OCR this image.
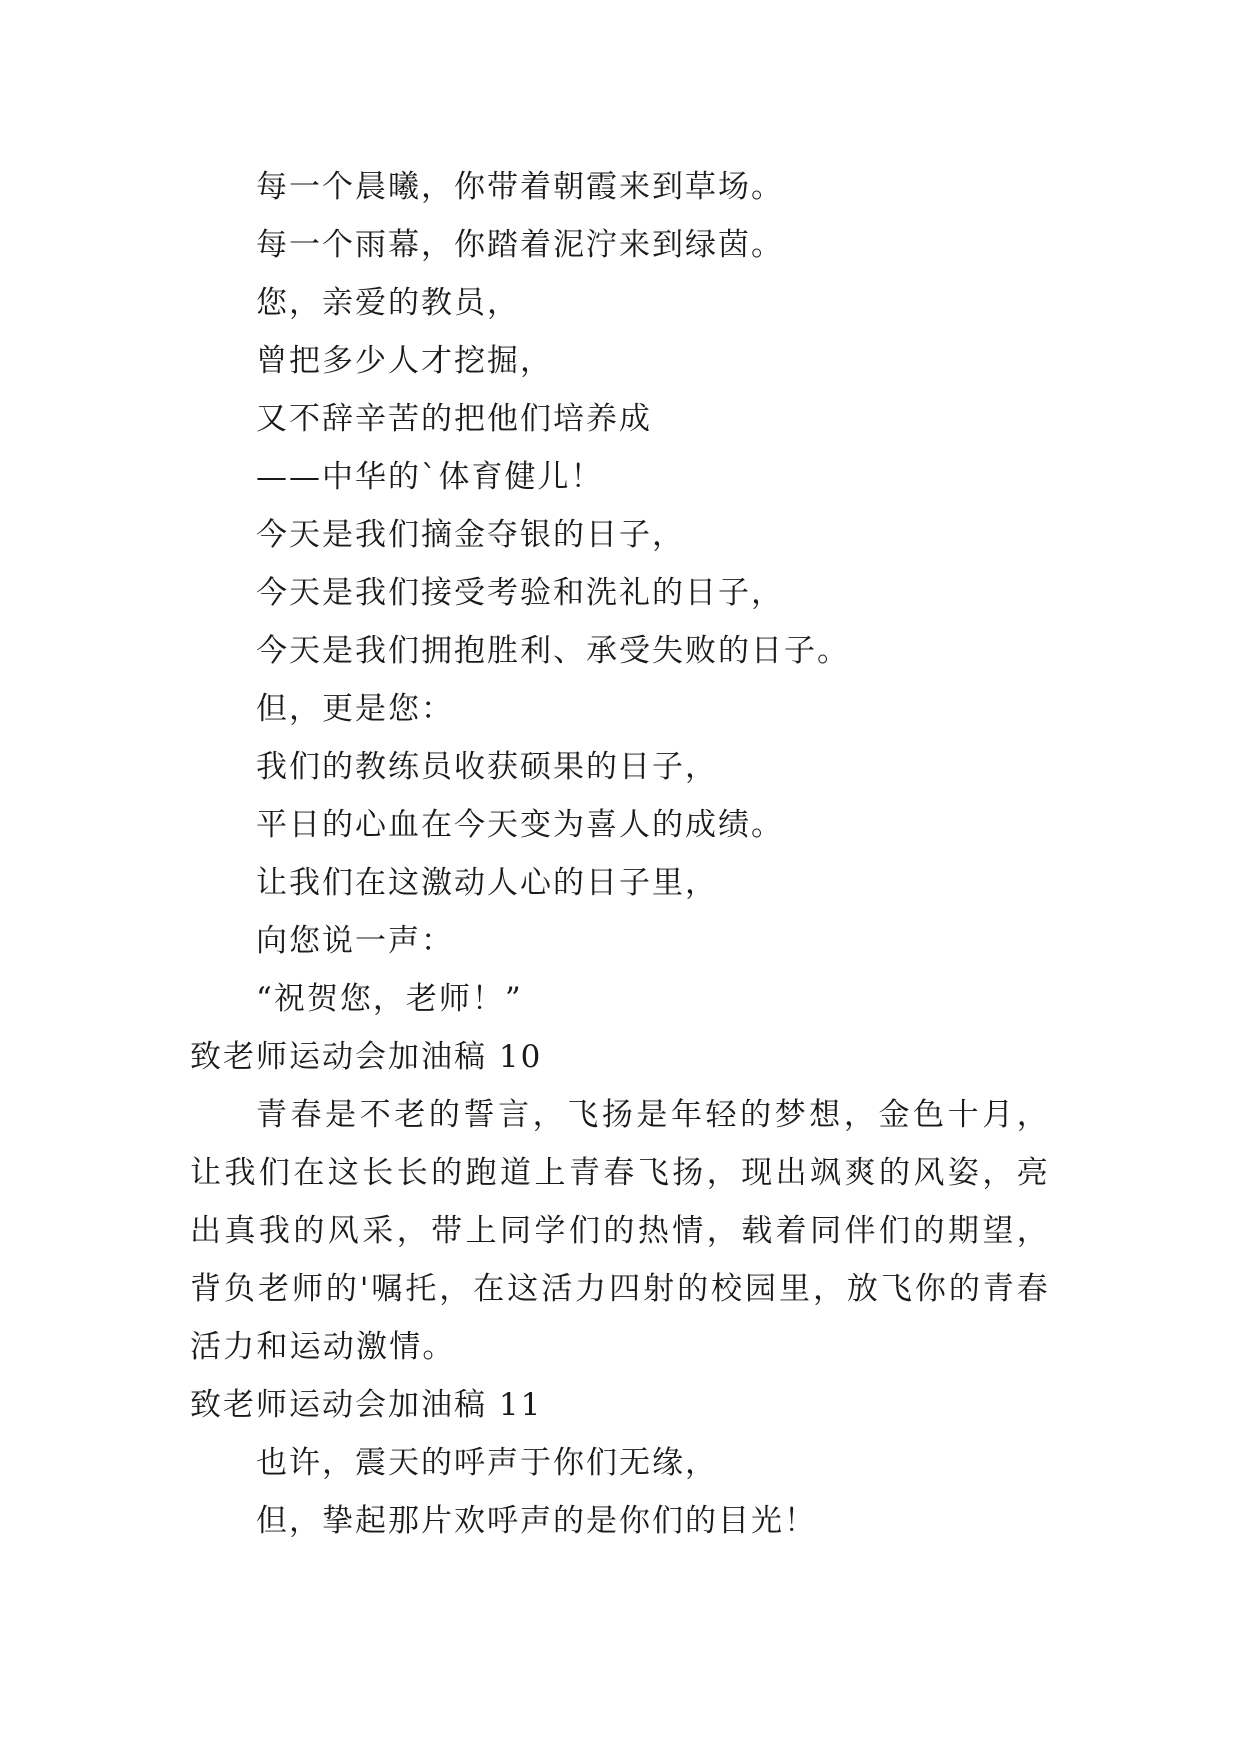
每一个晨曦，你带着朝霞来到草场。
每一个雨幕，你踏着泥泞来到绿茵。
您，亲爱的教员，
曾把多少人才挖掘，
又不辞辛苦的把他们培养成
——中华的`体育健儿！
今天是我们摘金夺银的日子，
今天是我们接受考验和洗礼的日子，
今天是我们拥抱胜利、承受失败的日子。
但，更是您：
我们的教练员收获硕果的日子，
平日的心血在今天变为喜人的成绩。
让我们在这激动人心的日子里，
向您说一声：
“祝贺您，老师！”
致老师运动会加油稿 10

青春是不老的誓言，飞扬是年轻的梦想，金色十月，让我们在这长长的跑道上青春飞扬，现出飒爽的风姿，亮出真我的风采，带上同学们的热情，载着同伴们的期望，背负老师的'嘱托，在这活力四射的校园里，放飞你的青春活力和运动激情。

致老师运动会加油稿 11
也许，震天的呼声于你们无缘，
但，挚起那片欢呼声的是你们的目光！
